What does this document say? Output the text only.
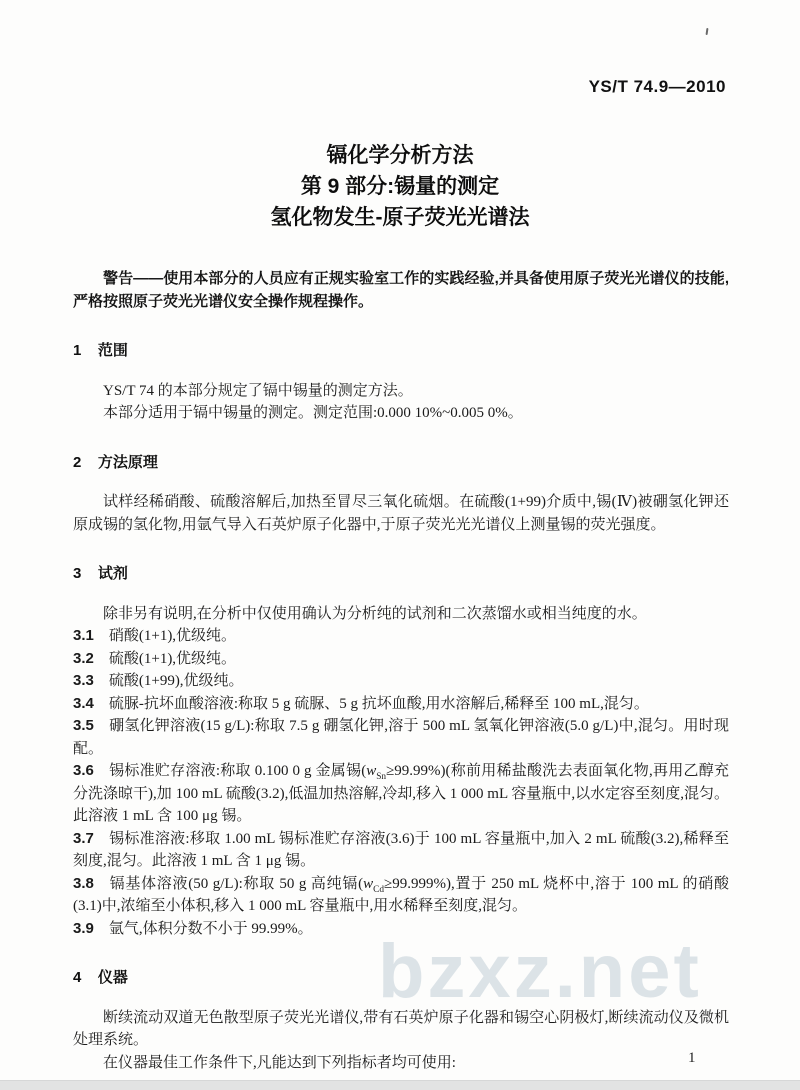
YS/T 74.9—2010
镉化学分析方法
第 9 部分:锡量的测定
氢化物发生-原子荧光光谱法
bzxz.net

警告——使用本部分的人员应有正规实验室工作的实践经验,并具备使用原子荧光光谱仪的技能,严格按照原子荧光光谱仪安全操作规程操作。

1 范围

YS/T 74 的本部分规定了镉中锡量的测定方法。

本部分适用于镉中锡量的测定。测定范围:0.000 10%~0.005 0%。

2 方法原理

试样经稀硝酸、硫酸溶解后,加热至冒尽三氧化硫烟。在硫酸(1+99)介质中,锡(Ⅳ)被硼氢化钾还原成锡的氢化物,用氩气导入石英炉原子化器中,于原子荧光光光谱仪上测量锡的荧光强度。

3 试剂

除非另有说明,在分析中仅使用确认为分析纯的试剂和二次蒸馏水或相当纯度的水。

3.1 硝酸(1+1),优级纯。

3.2 硫酸(1+1),优级纯。

3.3 硫酸(1+99),优级纯。

3.4 硫脲-抗坏血酸溶液:称取 5 g 硫脲、5 g 抗坏血酸,用水溶解后,稀释至 100 mL,混匀。

3.5 硼氢化钾溶液(15 g/L):称取 7.5 g 硼氢化钾,溶于 500 mL 氢氧化钾溶液(5.0 g/L)中,混匀。用时现配。

3.6 锡标准贮存溶液:称取 0.100 0 g 金属锡$(w_{Sn}\ge 99.99\%)$(称前用稀盐酸洗去表面氧化物,再用乙醇充分洗涤晾干),加 100 mL 硫酸(3.2),低温加热溶解,冷却,移入 1 000 mL 容量瓶中,以水定容至刻度,混匀。此溶液 1 mL 含 100 μg 锡。

3.7 锡标准溶液:移取 1.00 mL 锡标准贮存溶液(3.6)于 100 mL 容量瓶中,加入 2 mL 硫酸(3.2),稀释至刻度,混匀。此溶液 1 mL 含 1 μg 锡。

3.8 镉基体溶液(50 g/L):称取 50 g 高纯镉$(w_{Cd}\ge 99.999\%)$,置于 250 mL 烧杯中,溶于 100 mL 的硝酸(3.1)中,浓缩至小体积,移入 1 000 mL 容量瓶中,用水稀释至刻度,混匀。

3.9 氩气,体积分数不小于 99.99%。

4 仪器

断续流动双道无色散型原子荧光光谱仪,带有石英炉原子化器和锡空心阴极灯,断续流动仪及微机处理系统。

在仪器最佳工作条件下,凡能达到下列指标者均可使用:	1
